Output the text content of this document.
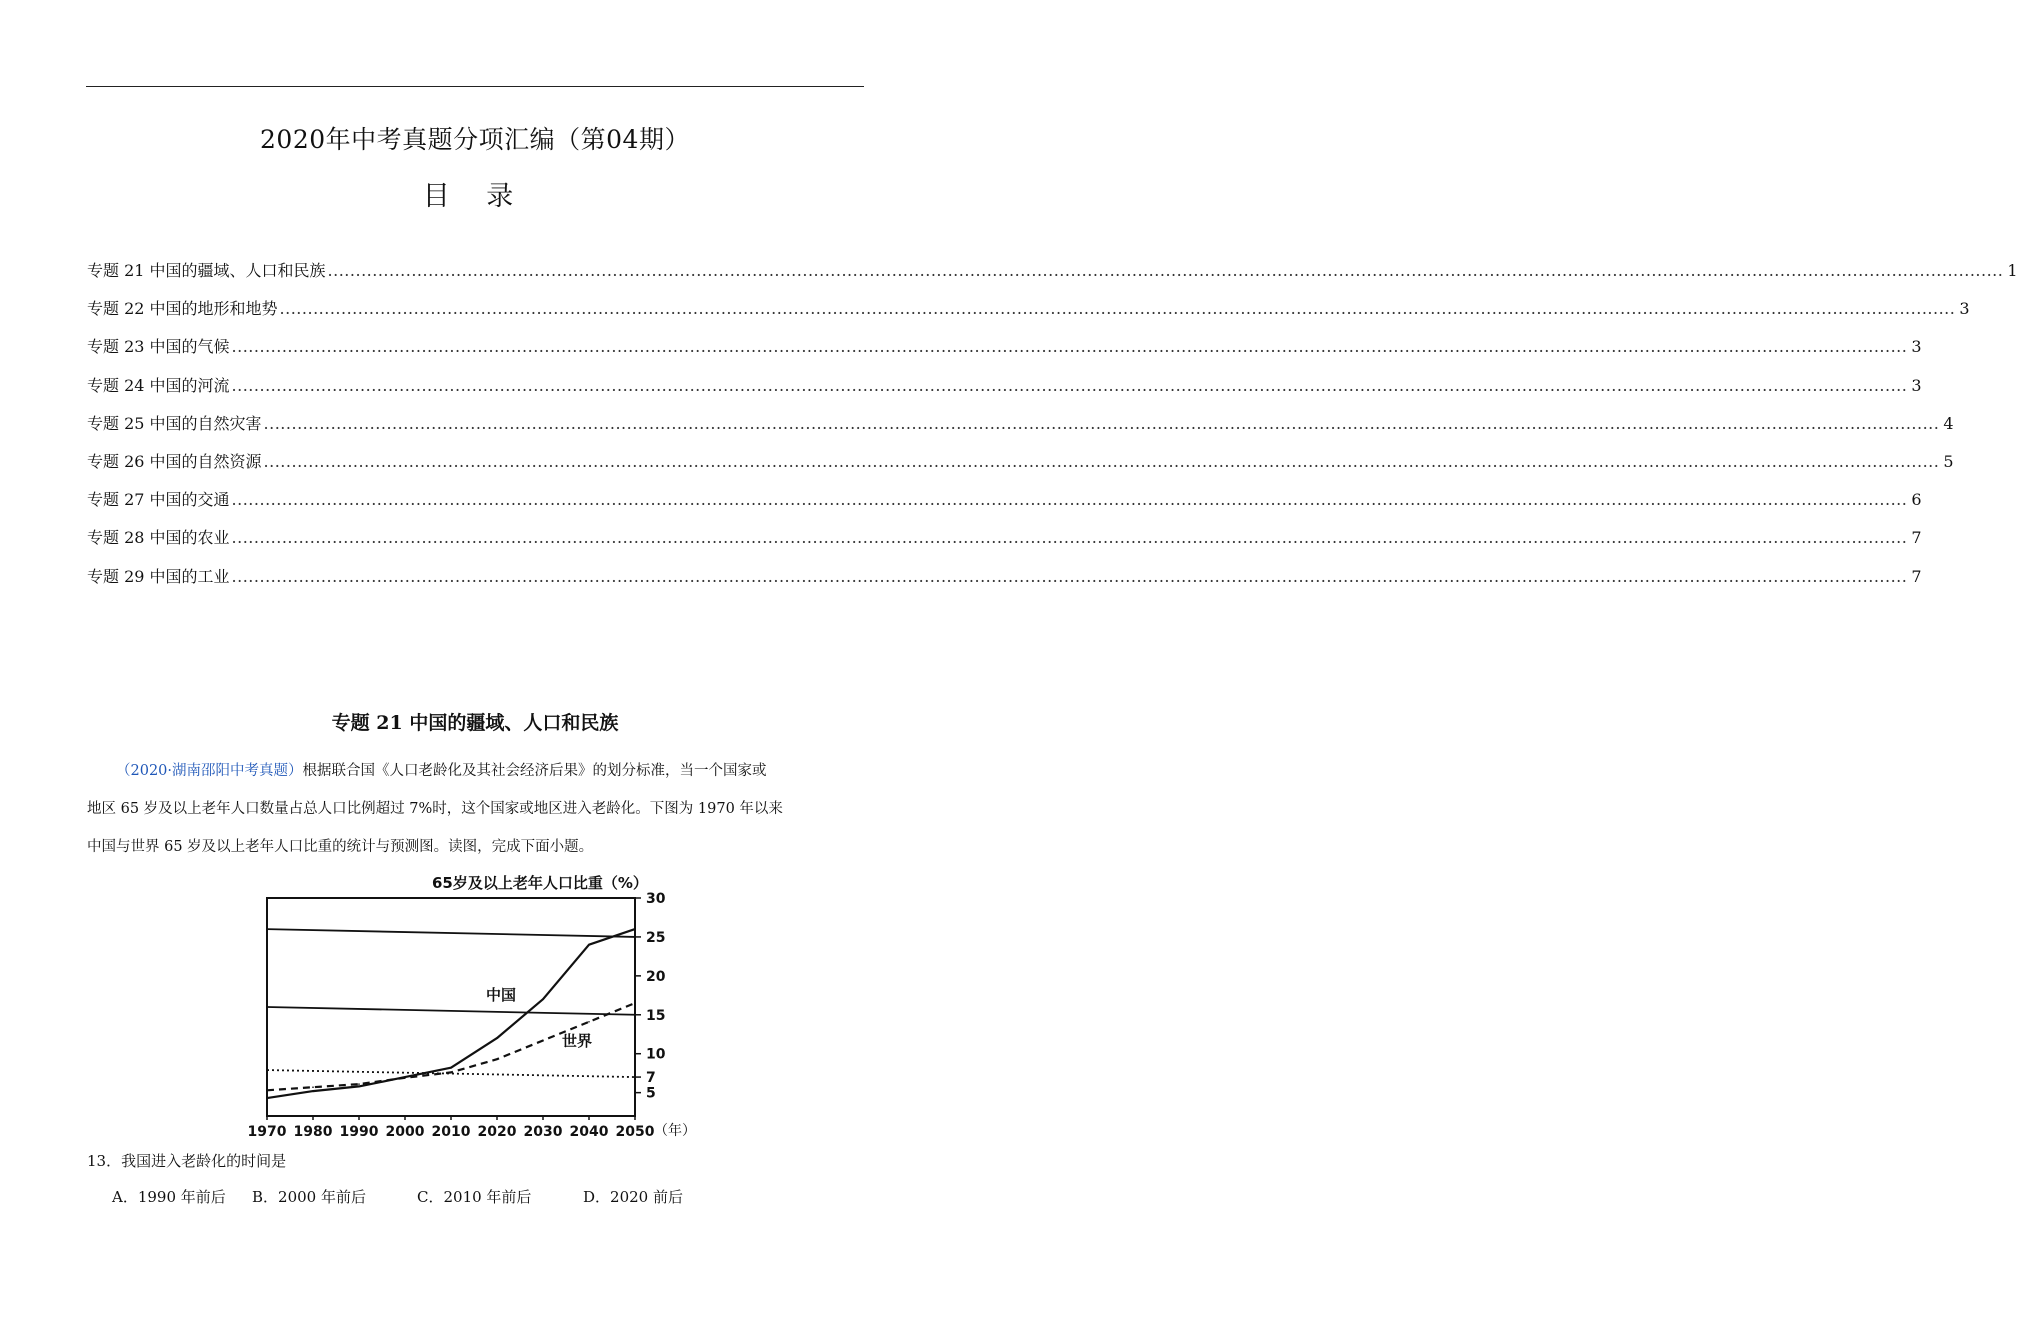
2020年中考真题分项汇编（第04期）
目 录
专题 21 中国的疆域、人口和民族 ............................................................................................................................................................................................................................................................................................................ 1
专题 22 中国的地形和地势 ............................................................................................................................................................................................................................................................................................................ 3
专题 23 中国的气候 ............................................................................................................................................................................................................................................................................................................ 3
专题 24 中国的河流 ............................................................................................................................................................................................................................................................................................................ 3
专题 25 中国的自然灾害 ............................................................................................................................................................................................................................................................................................................ 4
专题 26 中国的自然资源 ............................................................................................................................................................................................................................................................................................................ 5
专题 27 中国的交通 ............................................................................................................................................................................................................................................................................................................ 6
专题 28 中国的农业 ............................................................................................................................................................................................................................................................................................................ 7
专题 29 中国的工业 ............................................................................................................................................................................................................................................................................................................ 7
专题 21 中国的疆域、人口和民族
（2020·湖南邵阳中考真题）根据联合国《人口老龄化及其社会经济后果》的划分标准，当一个国家或
地区 65 岁及以上老年人口数量占总人口比例超过 7%时，这个国家或地区进入老龄化。下图为 1970 年以来
中国与世界 65 岁及以上老年人口比重的统计与预测图。读图，完成下面小题。
65岁及以上老年人口比重（%）
1970 1980 1990 2000 2010 2020 2030 2040 2050
30
25
20
15
10
7
5
中国
世界
（年）
13．我国进入老龄化的时间是
A．1990 年前后 B．2000 年前后	C．2010 年前后	D．2020 前后
